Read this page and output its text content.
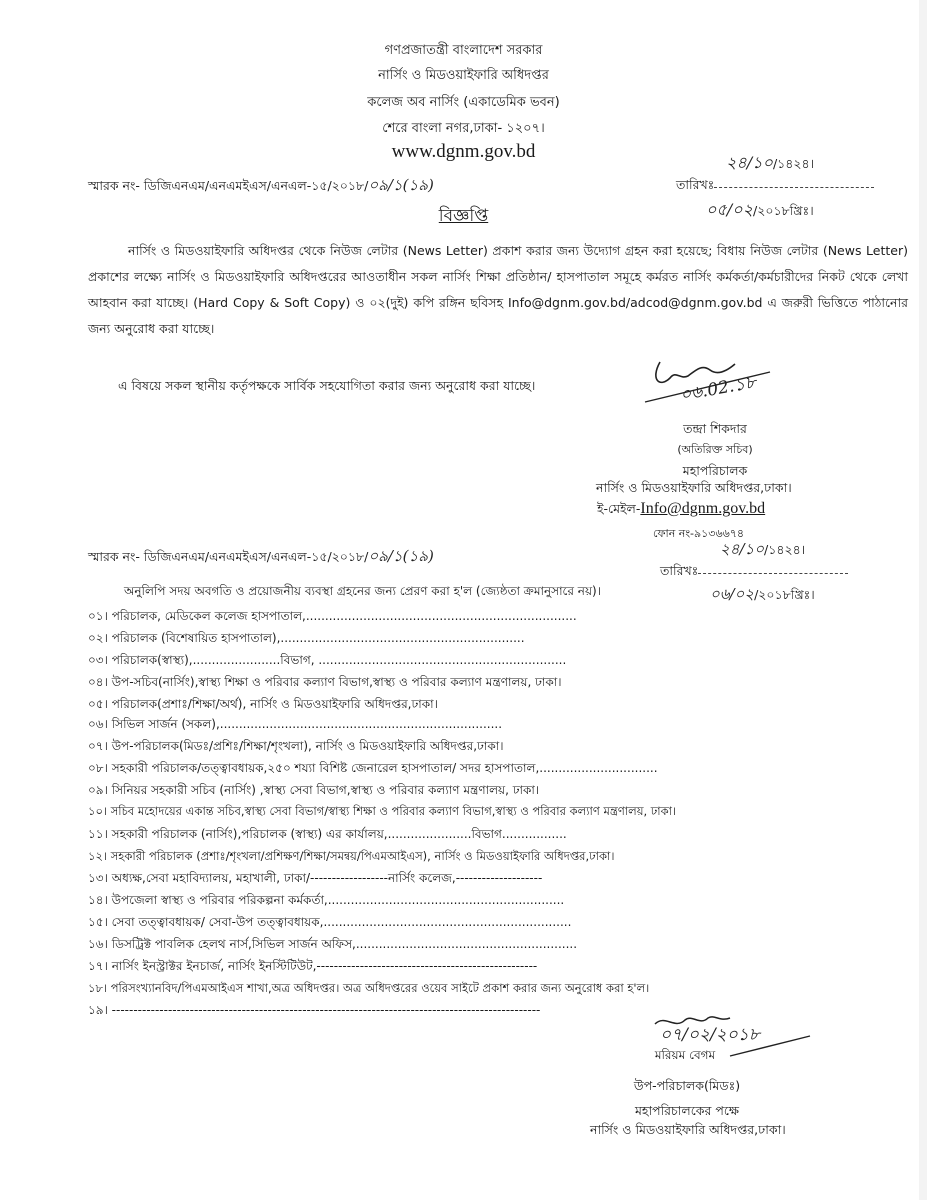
গণপ্রজাতন্ত্রী বাংলাদেশ সরকার
নার্সিং ও মিডওয়াইফারি অধিদপ্তর
কলেজ অব নার্সিং (একাডেমিক ভবন)
শেরে বাংলা নগর,ঢাকা- ১২০৭।
www.dgnm.gov.bd
স্মারক নং- ডিজিএনএম/এনএমইএস/এনএল-১৫/২০১৮/০৯/১(১৯)
২৪/১০/১৪২৪।
তারিখঃ
০৫/০২/২০১৮খ্রিঃ।
বিজ্ঞপ্তি
নার্সিং ও মিডওয়াইফারি অধিদপ্তর থেকে নিউজ লেটার (News Letter) প্রকাশ করার জন্য উদ্যোগ গ্রহন করা হয়েছে; বিধায় নিউজ লেটার (News Letter) প্রকাশের লক্ষ্যে নার্সিং ও মিডওয়াইফারি অধিদপ্তরের আওতাধীন সকল নার্সিং শিক্ষা প্রতিষ্ঠান/ হাসপাতাল সমূহে কর্মরত নার্সিং কর্মকর্তা/কর্মচারীদের নিকট থেকে লেখা আহবান করা যাচ্ছে। (Hard Copy & Soft Copy) ও ০২(দুই) কপি রঙ্গিন ছবিসহ Info@dgnm.gov.bd/adcod@dgnm.gov.bd এ জরুরী ভিত্তিতে পাঠানোর জন্য অনুরোধ করা যাচ্ছে।
এ বিষয়ে সকল স্থানীয় কর্তৃপক্ষকে সার্বিক সহযোগিতা করার জন্য অনুরোধ করা যাচ্ছে।	০৬.02.১৮
তন্দ্রা শিকদার
(অতিরিক্ত সচিব)
মহাপরিচালক
নার্সিং ও মিডওয়াইফারি অধিদপ্তর,ঢাকা।
ই-মেইল-Info@dgnm.gov.bd
ফোন নং-৯১৩৬৬৭৪
স্মারক নং- ডিজিএনএম/এনএমইএস/এনএল-১৫/২০১৮/০৯/১(১৯)	২৪/১০/১৪২৪।
তারিখঃ
০৬/০২/২০১৮খ্রিঃ।
অনুলিপি সদয় অবগতি ও প্রয়োজনীয় ব্যবস্থা গ্রহনের জন্য প্রেরণ করা হ'ল (জ্যেষ্ঠতা ক্রমানুসারে নয়)।
০১। পরিচালক, মেডিকেল কলেজ হাসপাতাল,.......................................................................
০২। পরিচালক (বিশেষায়িত হাসপাতাল),................................................................
০৩। পরিচালক(স্বাস্থ্য),.......................বিভাগ, .................................................................
০৪। উপ-সচিব(নার্সিং),স্বাস্থ্য শিক্ষা ও পরিবার কল্যাণ বিভাগ,স্বাস্থ্য ও পরিবার কল্যাণ মন্ত্রণালয়, ঢাকা।
০৫। পরিচালক(প্রশাঃ/শিক্ষা/অর্থ), নার্সিং ও মিডওয়াইফারি অধিদপ্তর,ঢাকা।
০৬। সিভিল সার্জন (সকল),..........................................................................
০৭। উপ-পরিচালক(মিডঃ/প্রশিঃ/শিক্ষা/শৃংখলা), নার্সিং ও মিডওয়াইফারি অধিদপ্তর,ঢাকা।
০৮। সহকারী পরিচালক/তত্ত্বাবধায়ক,২৫০ শয্যা বিশিষ্ট জেনারেল হাসপাতাল/ সদর হাসপাতাল,...............................
০৯। সিনিয়র সহকারী সচিব (নার্সিং) ,স্বাস্থ্য সেবা বিভাগ,স্বাস্থ্য ও পরিবার কল্যাণ মন্ত্রণালয়, ঢাকা।
১০। সচিব মহোদয়ের একান্ত সচিব,স্বাস্থ্য সেবা বিভাগ/স্বাস্থ্য শিক্ষা ও পরিবার কল্যাণ বিভাগ,স্বাস্থ্য ও পরিবার কল্যাণ মন্ত্রণালয়, ঢাকা।
১১। সহকারী পরিচালক (নার্সিং),পরিচালক (স্বাস্থ্য) এর কার্যালয়,......................বিভাগ.................
১২। সহকারী পরিচালক (প্রশাঃ/শৃংখলা/প্রশিক্ষণ/শিক্ষা/সমন্বয়/পিএমআইএস), নার্সিং ও মিডওয়াইফারি অধিদপ্তর,ঢাকা।
১৩। অধ্যক্ষ,সেবা মহাবিদ্যালয়, মহাখালী, ঢাকা/------------------নার্সিং কলেজ,--------------------
১৪। উপজেলা স্বাস্থ্য ও পরিবার পরিকল্পনা কর্মকর্তা,..............................................................
১৫। সেবা তত্ত্বাবধায়ক/ সেবা-উপ তত্ত্বাবধায়ক,.................................................................
১৬। ডিসট্রিক্ট পাবলিক হেলথ নার্স,সিভিল সার্জন অফিস,..........................................................
১৭। নার্সিং ইনস্ট্রাক্টর ইনচার্জ, নার্সিং ইনস্টিটিউট,---------------------------------------------------
১৮। পরিসংখ্যানবিদ/পিএমআইএস শাখা,অত্র অধিদপ্তর। অত্র অধিদপ্তরের ওয়েব সাইটে প্রকাশ করার জন্য অনুরোধ করা হ'ল।
১৯। ---------------------------------------------------------------------------------------------------
০৭/০২/২০১৮
মরিয়ম বেগম
উপ-পরিচালক(মিডঃ)
মহাপরিচালকের পক্ষে
নার্সিং ও মিডওয়াইফারি অধিদপ্তর,ঢাকা।
